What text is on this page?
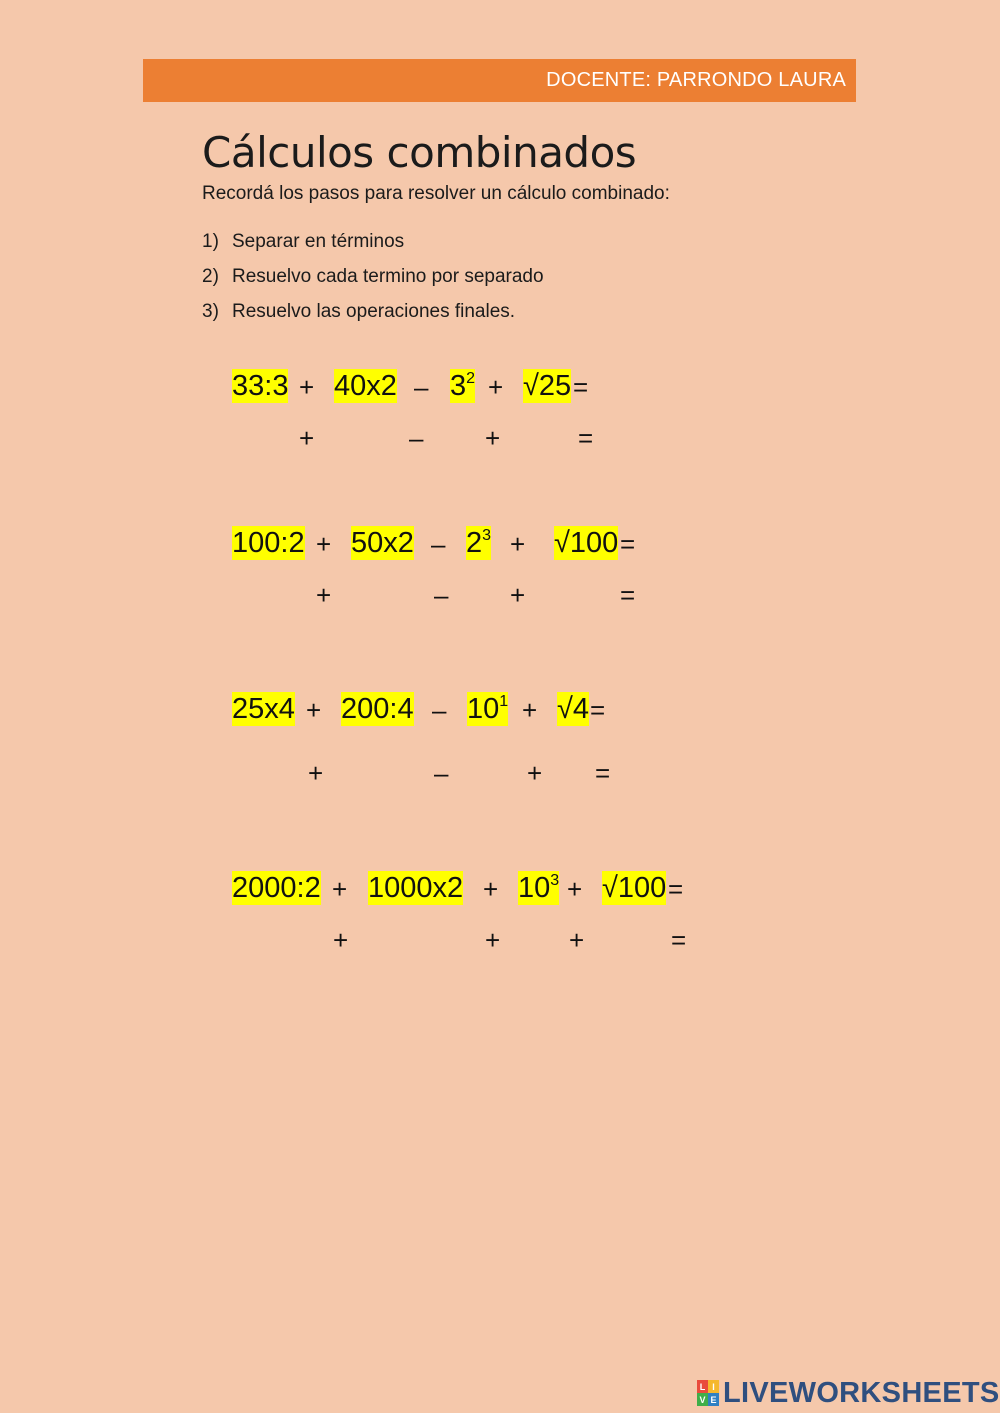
DOCENTE: PARRONDO LAURA
Cálculos combinados
Recordá los pasos para resolver un cálculo combinado:
1) Separar en términos
2) Resuelvo cada termino por separado
3) Resuelvo las operaciones finales.
33:3 + $40x2 - 3^2 + √25$ =
+	– +	=
100:2 + $50x2 - 2^3 + √100$ =
+	– +	=
25x4 + 200:4 – $10^1 + √4$ =
+	–	+ =
2000:2 + $1000x2 + 10^3 + √100$ =
+	+	+	=
L I
V E LIVEWORKSHEETS
